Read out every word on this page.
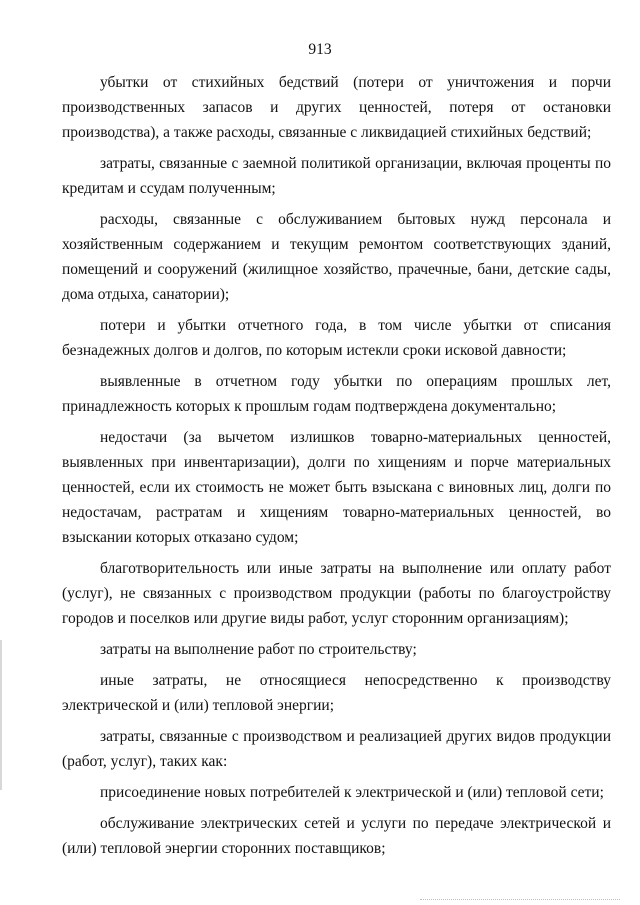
913

убытки от стихийных бедствий (потери от уничтожения и порчи производственных запасов и других ценностей, потеря от остановки производства), а также расходы, связанные с ликвидацией стихийных бедствий;

затраты, связанные с заемной политикой организации, включая проценты по кредитам и ссудам полученным;

расходы, связанные с обслуживанием бытовых нужд персонала и хозяйственным содержанием и текущим ремонтом соответствующих зданий, помещений и сооружений (жилищное хозяйство, прачечные, бани, детские сады, дома отдыха, санатории);

потери и убытки отчетного года, в том числе убытки от списания безнадежных долгов и долгов, по которым истекли сроки исковой давности;

выявленные в отчетном году убытки по операциям прошлых лет, принадлежность которых к прошлым годам подтверждена документально;

недостачи (за вычетом излишков товарно-материальных ценностей, выявленных при инвентаризации), долги по хищениям и порче материальных ценностей, если их стоимость не может быть взыскана с виновных лиц, долги по недостачам, растратам и хищениям товарно-материальных ценностей, во взыскании которых отказано судом;

благотворительность или иные затраты на выполнение или оплату работ (услуг), не связанных с производством продукции (работы по благоустройству городов и поселков или другие виды работ, услуг сторонним организациям);

затраты на выполнение работ по строительству;

иные затраты, не относящиеся непосредственно к производству электрической и (или) тепловой энергии;

затраты, связанные с производством и реализацией других видов продукции (работ, услуг), таких как:

присоединение новых потребителей к электрической и (или) тепловой сети;

обслуживание электрических сетей и услуги по передаче электрической и (или) тепловой энергии сторонних поставщиков;
